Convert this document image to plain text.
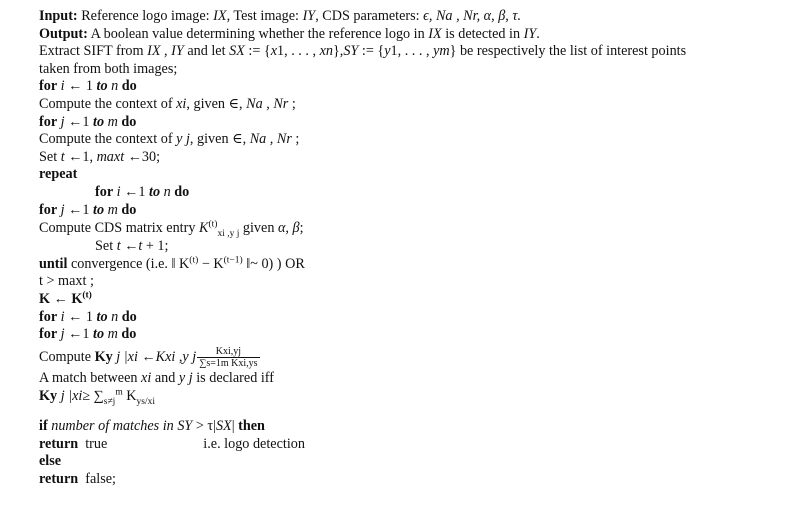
Input: Reference logo image: IX, Test image: IY, CDS parameters: ϵ, Na , Nr, α, β, τ.
Output: A boolean value determining whether the reference logo in IX is detected in IY.
Extract SIFT from IX , IY and let SX := {x1, . . . , xn},SY := {y1, . . . , ym} be respectively the list of interest points
taken from both images;
for i ← 1 to n do
Compute the context of xi, given ∈, Na , Nr ;
for j ←1 to m do
Compute the context of y j, given ∈, Na , Nr ;
Set t ←1, maxt ←30;
repeat
for i ←1 to n do
for j ←1 to m do
Compute CDS matrix entry $K^{(t)}_{xi ,y j}$ given α, β;
Set t ←t + 1;
until convergence (i.e. ‖ $K^{(t)} - K^{(t-1)}$ ‖~ 0) ) OR
t > maxt ;
K ← $K^{(t)}$
for i ← 1 to n do
for j ←1 to m do
Compute Ky j |xi ←Kxi ,y j $\frac{\text{Kxi,yj}}{\text{∑s=1m Kxi,ys}}$
A match between xi and y j is declared iff
Ky j $|xi\ge \sum_{s\ne j}^m$ $K_{ys/xi}$
if number of matches in SY > τ|SX| then
return  true	i.e. logo detection
else
return  false;
